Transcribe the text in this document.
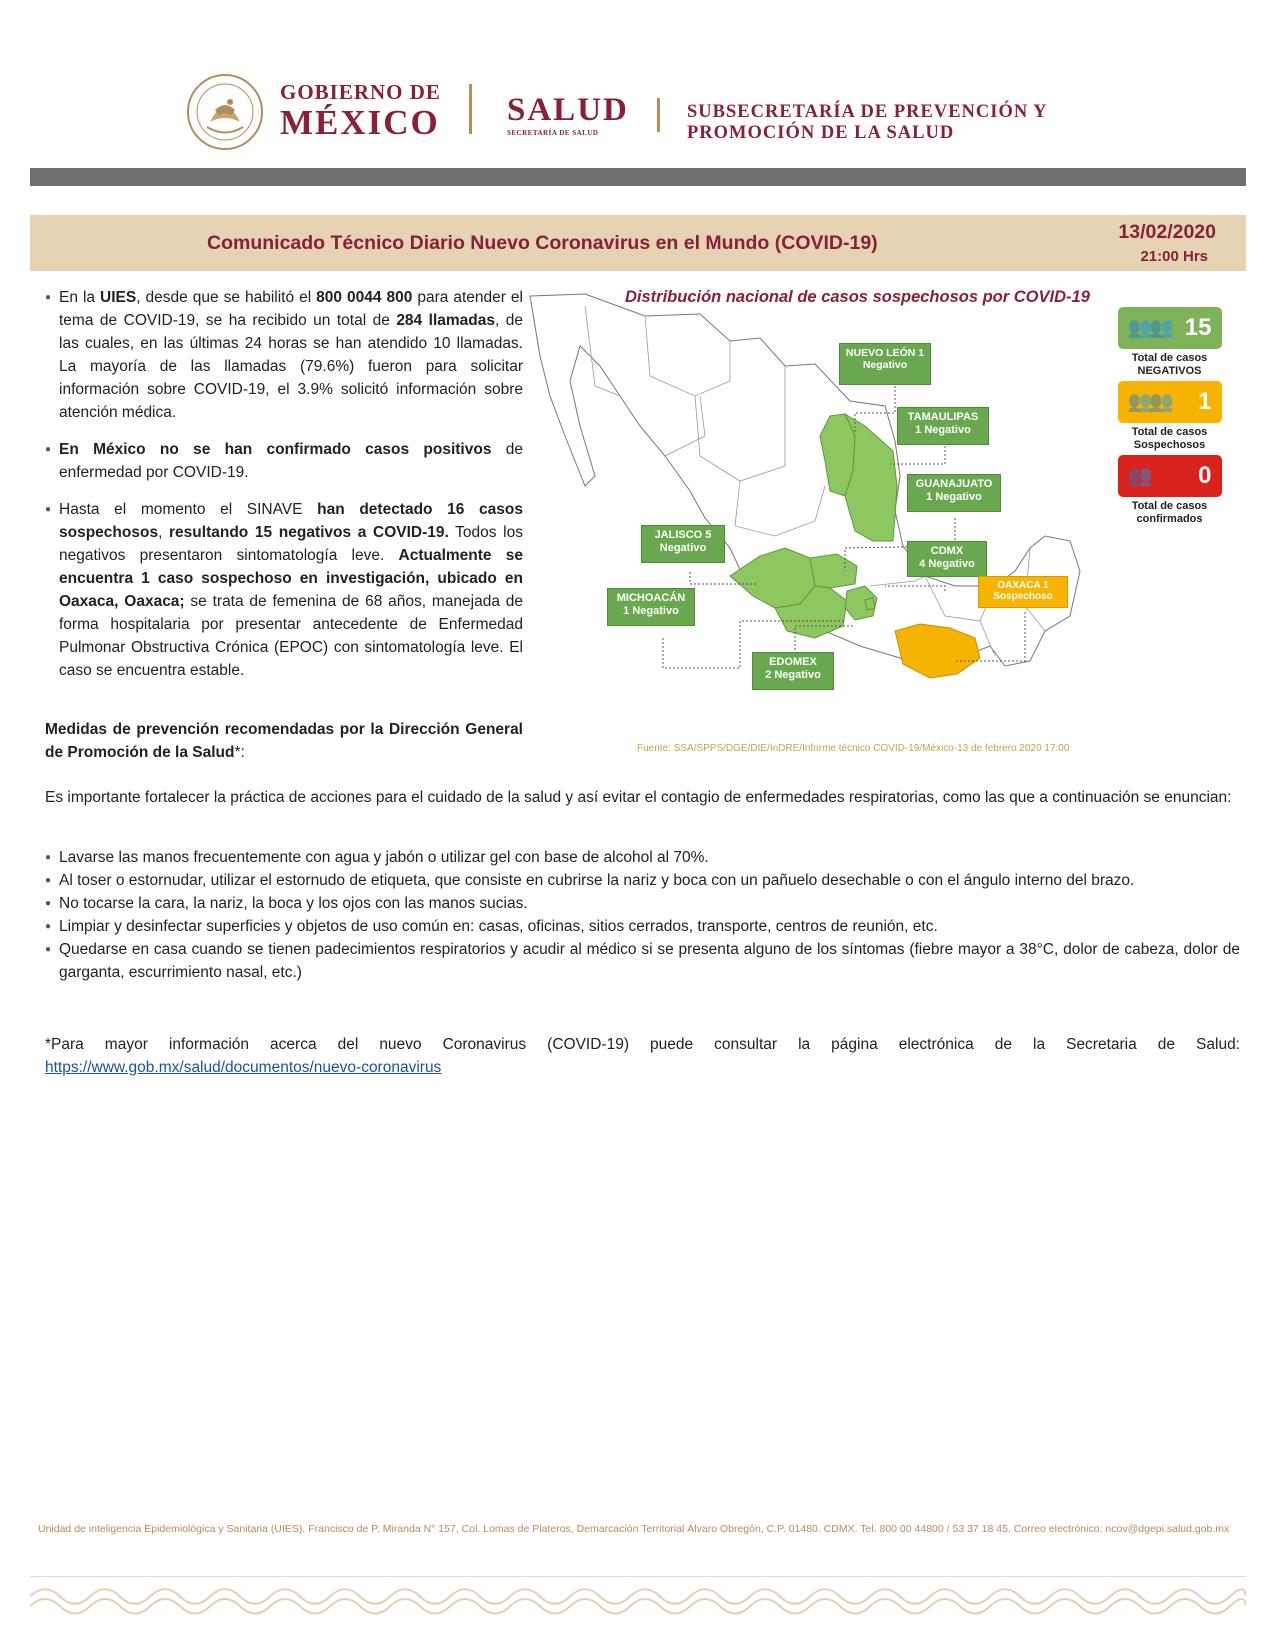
GOBIERNO DE
MÉXICO SALUD
SECRETARÍA DE SALUD
SUBSECRETARÍA DE PREVENCIÓN Y
PROMOCIÓN DE LA SALUD
Comunicado Técnico Diario Nuevo Coronavirus en el Mundo (COVID-19)	13/02/2020
21:00 Hrs
● En la UIES, desde que se habilitó el 800 0044 800 para atender el tema de COVID-19, se ha recibido un total de 284 llamadas, de las cuales, en las últimas 24 horas se han atendido 10 llamadas. La mayoría de las llamadas (79.6%) fueron para solicitar información sobre COVID-19, el 3.9% solicitó información sobre atención médica.
● En México no se han confirmado casos positivos de enfermedad por COVID-19.
● Hasta el momento el SINAVE han detectado 16 casos sospechosos, resultando 15 negativos a COVID-19. Todos los negativos presentaron sintomatología leve. Actualmente se encuentra 1 caso sospechoso en investigación, ubicado en Oaxaca, Oaxaca; se trata de femenina de 68 años, manejada de forma hospitalaria por presentar antecedente de Enfermedad Pulmonar Obstructiva Crónica (EPOC) con sintomatología leve. El caso se encuentra estable.
Medidas de prevención recomendadas por la Dirección General de Promoción de la Salud*:
Distribución nacional de casos sospechosos por COVID-19
NUEVO LEÓN 1 Negativo
TAMAULIPAS
1 Negativo
GUANAJUATO
1 Negativo
JALISCO 5
Negativo	CDMX
4 Negativo
OAXACA 1
Sospechoso
MICHOACÁN
1 Negativo
EDOMEX
2 Negativo
👥👥 15
Total de casos
NEGATIVOS
👥👥 1
Total de casos
Sospechosos
👥 0
Total de casos
confirmados
Fuente: SSA/SPPS/DGE/DIE/InDRE/Informe técnico COVID-19/México-13 de febrero 2020 17:00
Es importante fortalecer la práctica de acciones para el cuidado de la salud y así evitar el contagio de enfermedades respiratorias, como las que a continuación se enuncian:
● Lavarse las manos frecuentemente con agua y jabón o utilizar gel con base de alcohol al 70%.
● Al toser o estornudar, utilizar el estornudo de etiqueta, que consiste en cubrirse la nariz y boca con un pañuelo desechable o con el ángulo interno del brazo.
● No tocarse la cara, la nariz, la boca y los ojos con las manos sucias.
● Limpiar y desinfectar superficies y objetos de uso común en: casas, oficinas, sitios cerrados, transporte, centros de reunión, etc.
● Quedarse en casa cuando se tienen padecimientos respiratorios y acudir al médico si se presenta alguno de los síntomas (fiebre mayor a 38°C, dolor de cabeza, dolor de garganta, escurrimiento nasal, etc.)
*Para mayor información acerca del nuevo Coronavirus (COVID-19) puede consultar la página electrónica de la Secretaria de Salud: https://www.gob.mx/salud/documentos/nuevo-coronavirus
Unidad de inteligencia Epidemiológica y Sanitaria (UIES). Francisco de P. Miranda N° 157, Col. Lomas de Plateros, Demarcación Territorial Álvaro Obregón, C.P. 01480. CDMX. Tel. 800 00 44800 / 53 37 18 45. Correo electrónico: ncov@dgepi.salud.gob.mx
